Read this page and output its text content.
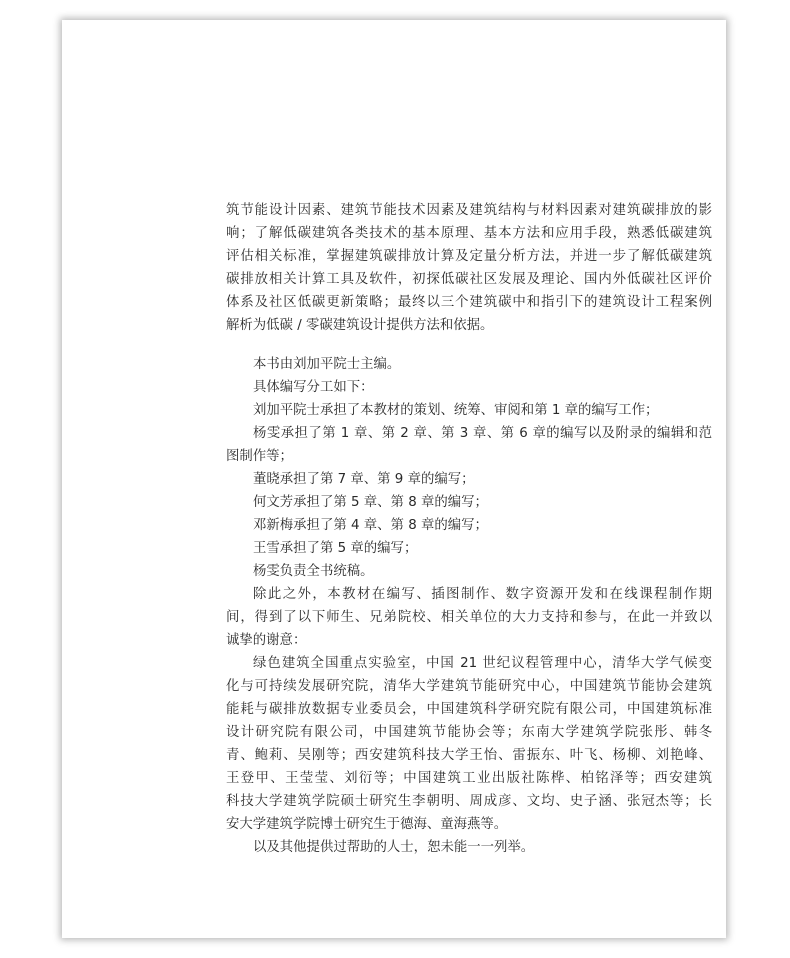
筑节能设计因素、建筑节能技术因素及建筑结构与材料因素对建筑碳排放的影
响；了解低碳建筑各类技术的基本原理、基本方法和应用手段，熟悉低碳建筑
评估相关标准，掌握建筑碳排放计算及定量分析方法，并进一步了解低碳建筑
碳排放相关计算工具及软件，初探低碳社区发展及理论、国内外低碳社区评价
体系及社区低碳更新策略；最终以三个建筑碳中和指引下的建筑设计工程案例
解析为低碳 / 零碳建筑设计提供方法和依据。
本书由刘加平院士主编。
具体编写分工如下：
刘加平院士承担了本教材的策划、统筹、审阅和第 1 章的编写工作；
杨雯承担了第 1 章、第 2 章、第 3 章、第 6 章的编写以及附录的编辑和范
图制作等；
董晓承担了第 7 章、第 9 章的编写；
何文芳承担了第 5 章、第 8 章的编写；
邓新梅承担了第 4 章、第 8 章的编写；
王雪承担了第 5 章的编写；
杨雯负责全书统稿。
除此之外，本教材在编写、插图制作、数字资源开发和在线课程制作期
间，得到了以下师生、兄弟院校、相关单位的大力支持和参与，在此一并致以
诚挚的谢意：
绿色建筑全国重点实验室，中国 21 世纪议程管理中心，清华大学气候变
化与可持续发展研究院，清华大学建筑节能研究中心，中国建筑节能协会建筑
能耗与碳排放数据专业委员会，中国建筑科学研究院有限公司，中国建筑标准
设计研究院有限公司，中国建筑节能协会等；东南大学建筑学院张彤、韩冬
青、鲍莉、吴刚等；西安建筑科技大学王怡、雷振东、叶飞、杨柳、刘艳峰、
王登甲、王莹莹、刘衍等；中国建筑工业出版社陈桦、柏铭泽等；西安建筑
科技大学建筑学院硕士研究生李朝明、周成彦、文均、史子涵、张冠杰等；长
安大学建筑学院博士研究生于德海、童海燕等。
以及其他提供过帮助的人士，恕未能一一列举。
